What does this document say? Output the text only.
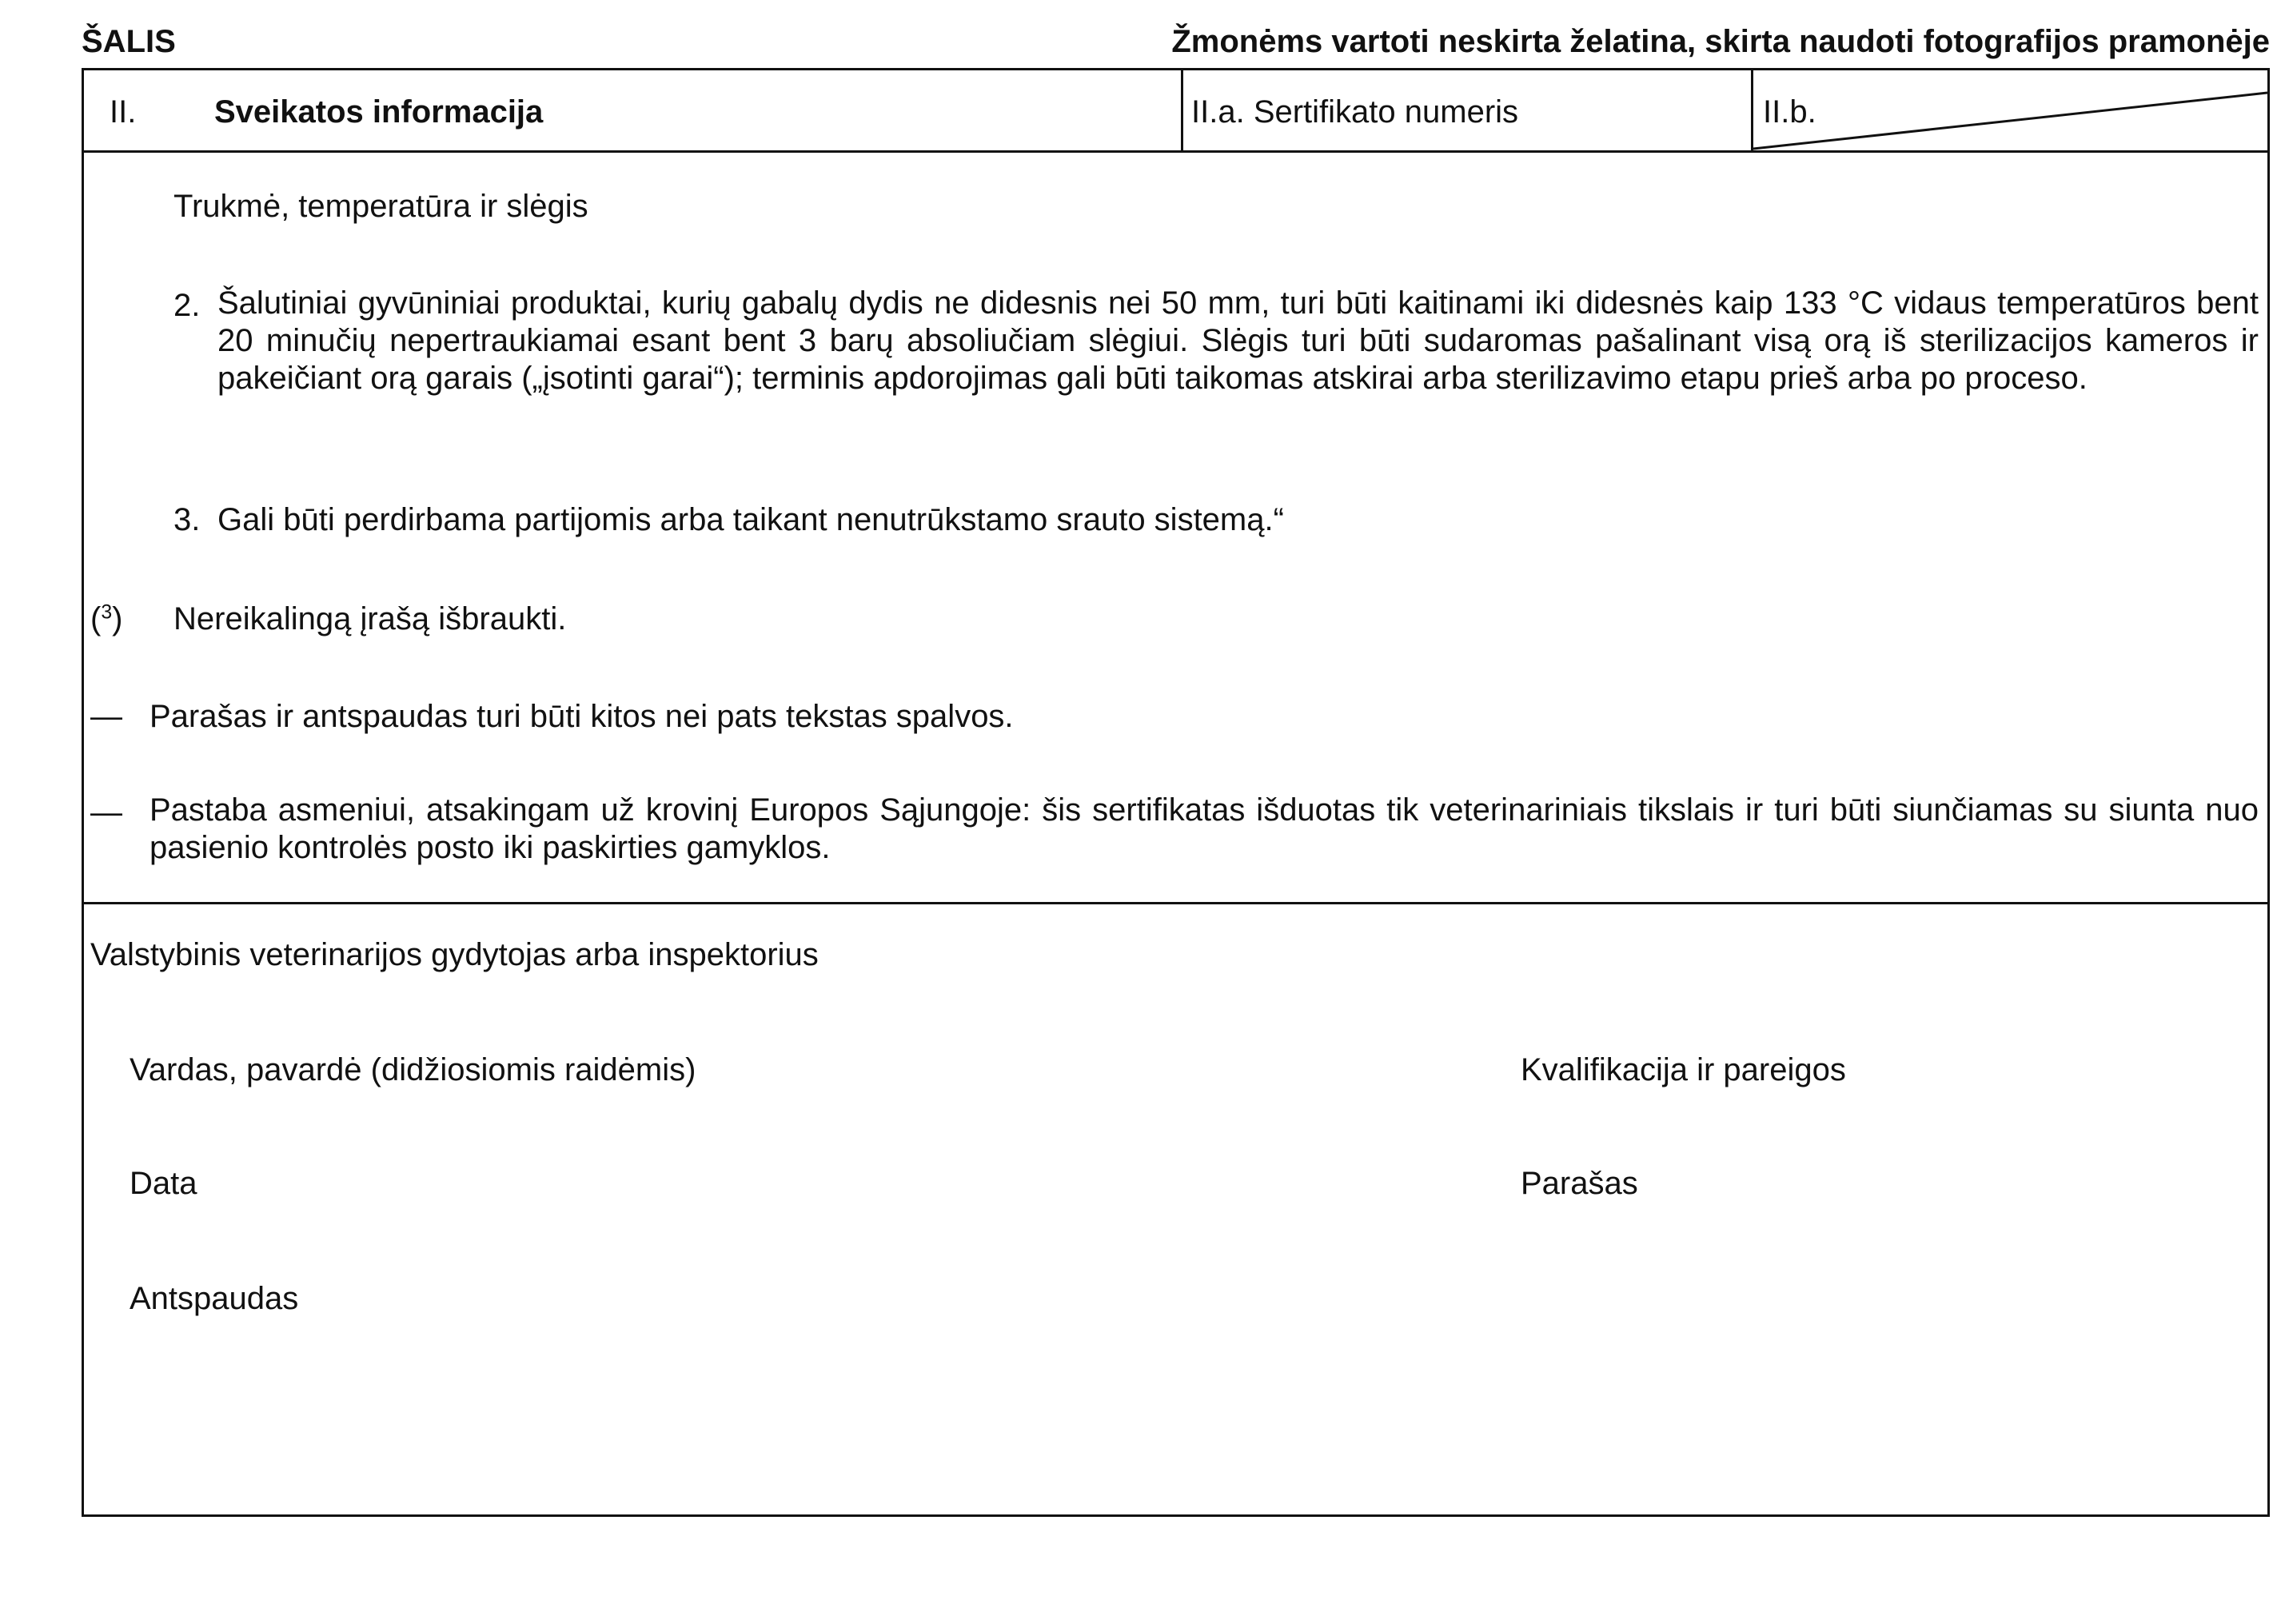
ŠALIS	Žmonėms vartoti neskirta želatina, skirta naudoti fotografijos pramonėje
II. Sveikatos informacija	II.a. Sertifikato numeris	II.b.
Trukmė, temperatūra ir slėgis
2. Šalutiniai gyvūniniai produktai, kurių gabalų dydis ne didesnis nei 50 mm, turi būti kaitinami iki didesnės kaip 133 °C vidaus temperatūros bent 20 minučių nepertraukiamai esant bent 3 barų absoliučiam slėgiui. Slėgis turi būti sudaromas pašalinant visą orą iš sterilizacijos kameros ir pakeičiant orą garais („įsotinti garai“); terminis apdorojimas gali būti taikomas atskirai arba sterilizavimo etapu prieš arba po proceso.
3. Gali būti perdirbama partijomis arba taikant nenutrūkstamo srauto sistemą.“
($^3$) Nereikalingą įrašą išbraukti.
— Parašas ir antspaudas turi būti kitos nei pats tekstas spalvos.
— Pastaba asmeniui, atsakingam už krovinį Europos Sąjungoje: šis sertifikatas išduotas tik veterinariniais tikslais ir turi būti siunčiamas su siunta nuo pasienio kontrolės posto iki paskirties gamyklos.
Valstybinis veterinarijos gydytojas arba inspektorius
Vardas, pavardė (didžiosiomis raidėmis)	Kvalifikacija ir pareigos
Data	Parašas
Antspaudas
